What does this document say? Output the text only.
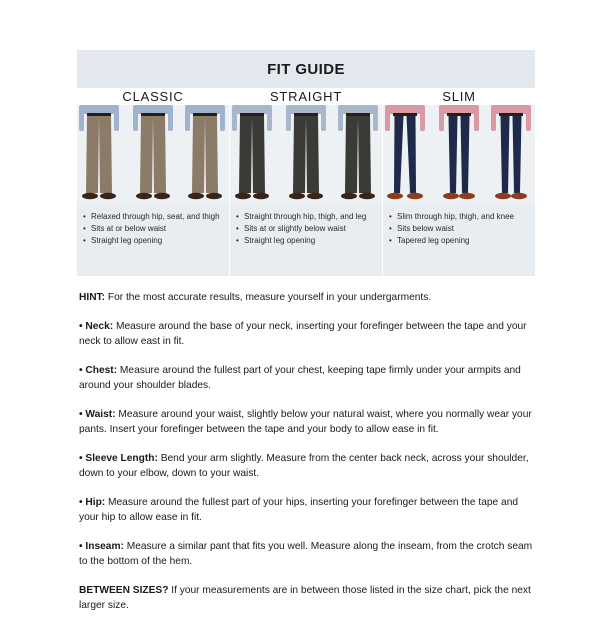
FIT GUIDE
CLASSIC
• Relaxed through hip, seat, and thigh
• Sits at or below waist
• Straight leg opening
STRAIGHT
• Straight through hip, thigh, and leg
• Sits at or slightly below waist
• Straight leg opening
SLIM
• Slim through hip, thigh, and knee
• Sits below waist
• Tapered leg opening

HINT: For the most accurate results, measure yourself in your undergarments.

• Neck: Measure around the base of your neck, inserting your forefinger between the tape and your neck to allow east in fit.

• Chest: Measure around the fullest part of your chest, keeping tape firmly under your armpits and around your shoulder blades.

• Waist: Measure around your waist, slightly below your natural waist, where you normally wear your pants. Insert your forefinger between the tape and your body to allow ease in fit.

• Sleeve Length: Bend your arm slightly. Measure from the center back neck, across your shoulder, down to your elbow, down to your waist.

• Hip: Measure around the fullest part of your hips, inserting your forefinger between the tape and your hip to allow ease in fit.

• Inseam: Measure a similar pant that fits you well. Measure along the inseam, from the crotch seam to the bottom of the hem.

BETWEEN SIZES? If your measurements are in between those listed in the size chart, pick the next larger size.
